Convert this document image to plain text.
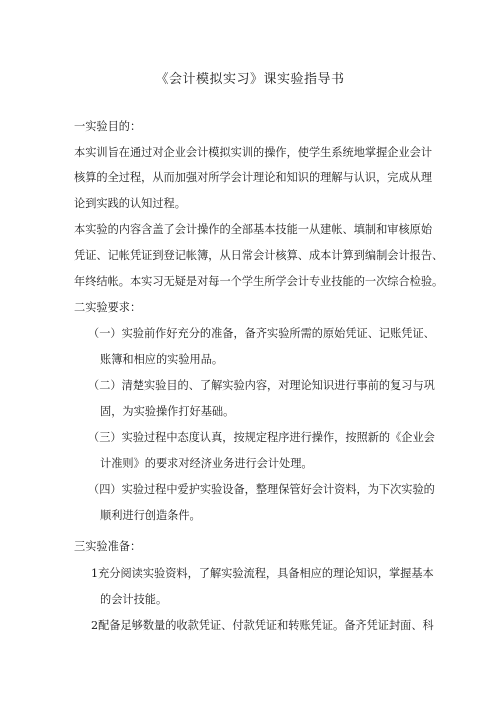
《会计模拟实习》课实验指导书
一实验目的：
本实训旨在通过对企业会计模拟实训的操作，使学生系统地掌握企业会计
核算的全过程，从而加强对所学会计理论和知识的理解与认识，完成从理
论到实践的认知过程。
本实验的内容含盖了会计操作的全部基本技能一从建帐、填制和审核原始
凭证、记帐凭证到登记帐簿，从日常会计核算、成本计算到编制会计报告、
年终结帐。本实习无疑是对每一个学生所学会计专业技能的一次综合检验。
二实验要求：
（一）实验前作好充分的准备，备齐实验所需的原始凭证、记账凭证、
账簿和相应的实验用品。
（二）清楚实验目的、了解实验内容，对理论知识进行事前的复习与巩
固，为实验操作打好基础。
（三）实验过程中态度认真，按规定程序进行操作，按照新的《企业会
计准则》的要求对经济业务进行会计处理。
（四）实验过程中爱护实验设备，整理保管好会计资料，为下次实验的
顺利进行创造条件。
三实验准备：
1充分阅读实验资料，了解实验流程，具备相应的理论知识，掌握基本
的会计技能。
2配备足够数量的收款凭证、付款凭证和转账凭证。备齐凭证封面、科
